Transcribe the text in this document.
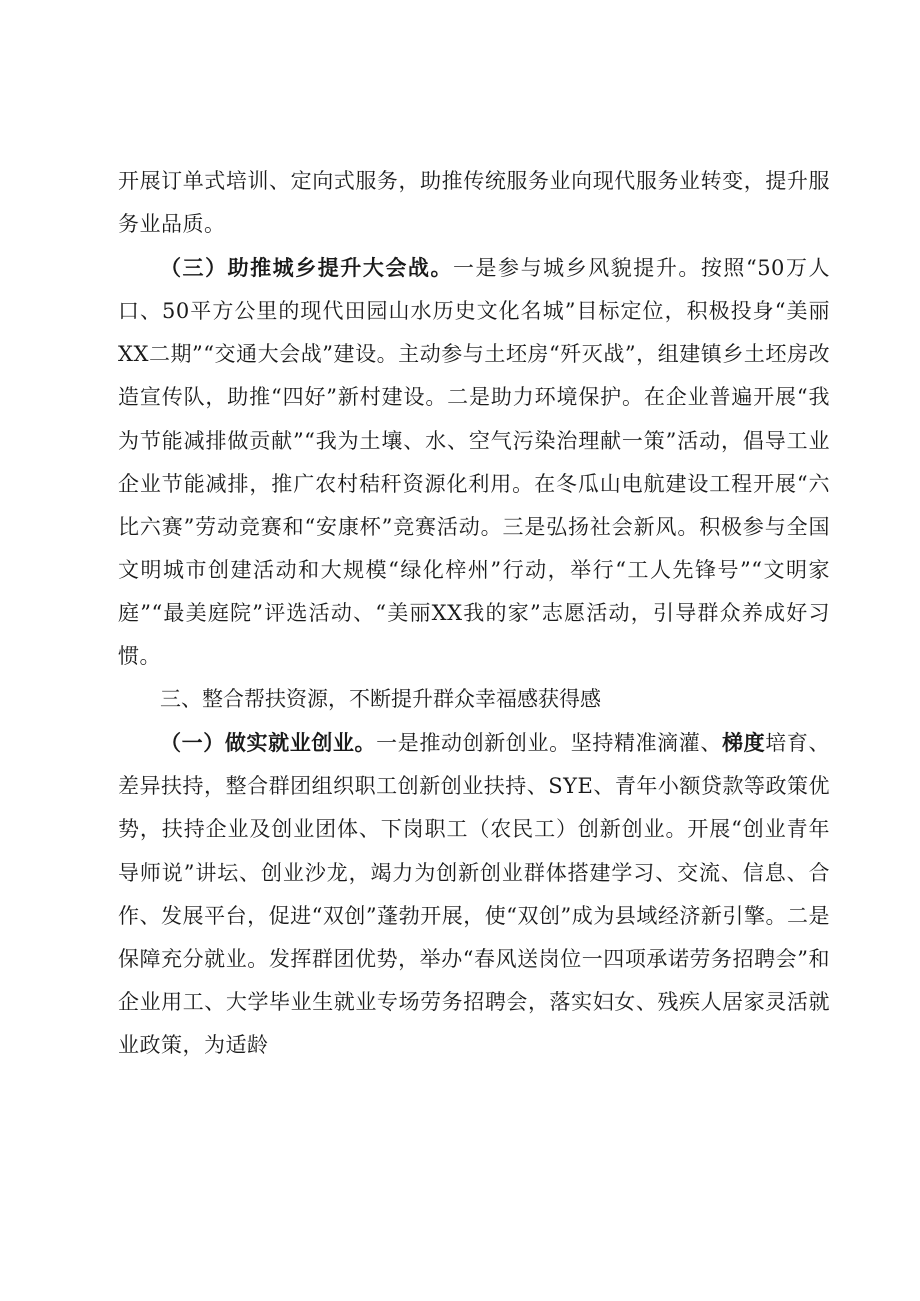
开展订单式培训、定向式服务，助推传统服务业向现代服务业转变，提升服务业品质。

（三）助推城乡提升大会战。一是参与城乡风貌提升。按照“50万人口、50平方公里的现代田园山水历史文化名城”目标定位，积极投身“美丽XX二期”“交通大会战”建设。主动参与土坯房“歼灭战”，组建镇乡土坯房改造宣传队，助推“四好”新村建设。二是助力环境保护。在企业普遍开展“我为节能减排做贡献”“我为土壤、水、空气污染治理献一策”活动，倡导工业企业节能减排，推广农村秸秆资源化利用。在冬瓜山电航建设工程开展“六比六赛”劳动竞赛和“安康杯”竞赛活动。三是弘扬社会新风。积极参与全国文明城市创建活动和大规模“绿化梓州”行动，举行“工人先锋号”“文明家庭”“最美庭院”评选活动、“美丽XX我的家”志愿活动，引导群众养成好习惯。

三、整合帮扶资源，不断提升群众幸福感获得感

（一）做实就业创业。一是推动创新创业。坚持精准滴灌、梯度培育、差异扶持，整合群团组织职工创新创业扶持、SYE、青年小额贷款等政策优势，扶持企业及创业团体、下岗职工（农民工）创新创业。开展“创业青年导师说”讲坛、创业沙龙，竭力为创新创业群体搭建学习、交流、信息、合作、发展平台，促进“双创”蓬勃开展，使“双创”成为县域经济新引擎。二是保障充分就业。发挥群团优势，举办“春风送岗位一四项承诺劳务招聘会”和企业用工、大学毕业生就业专场劳务招聘会，落实妇女、残疾人居家灵活就业政策，为适龄
